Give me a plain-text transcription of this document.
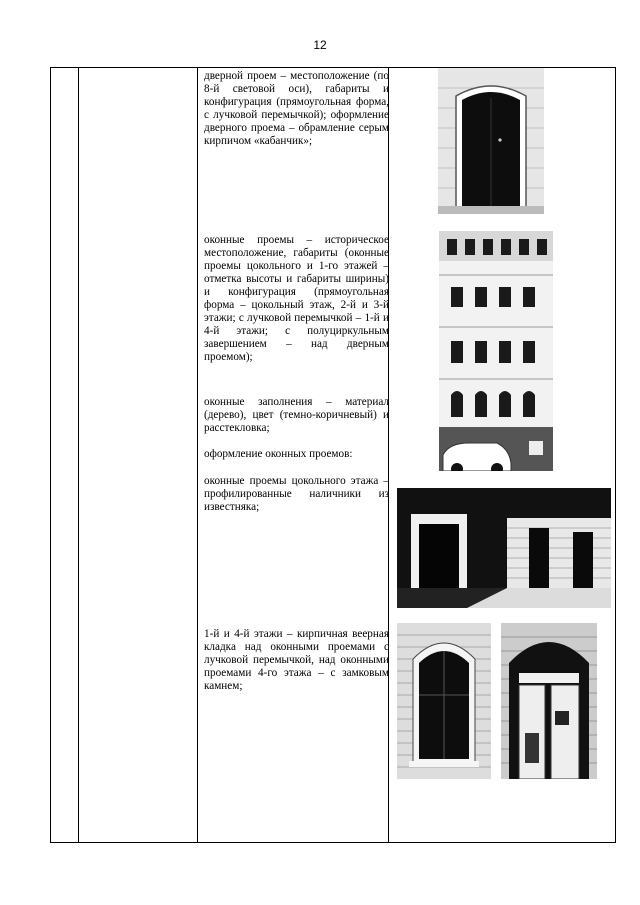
12

дверной проем – местоположение (по 8-й световой оси), габариты и конфигурация (прямоугольная форма, с лучковой перемычкой); оформление дверного проема – обрамление серым кирпичом «кабанчик»;

оконные проемы – историческое местоположение, габариты (оконные проемы цокольного и 1-го этажей – отметка высоты и габариты ширины) и конфигурация (прямоугольная форма – цокольный этаж, 2-й и 3-й этажи; с лучковой перемычкой – 1-й и 4-й этажи; с полуциркульным завершением – над дверным проемом);

оконные заполнения – материал (дерево), цвет (темно-коричневый) и расстекловка;

оформление оконных проемов:

оконные проемы цокольного этажа – профилированные наличники из известняка;

1-й и 4-й этажи – кирпичная веерная кладка над оконными проемами с лучковой перемычкой, над оконными проемами 4-го этажа – с замковым камнем;
